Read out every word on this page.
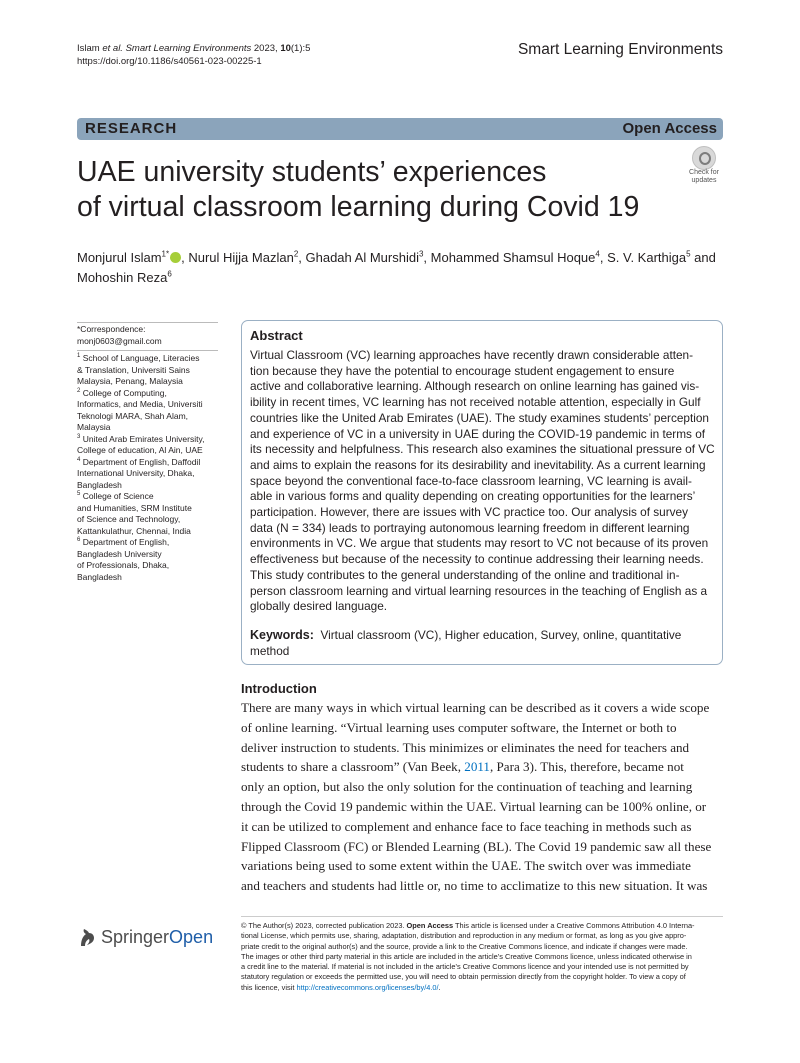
Islam et al. Smart Learning Environments 2023, 10(1):5
https://doi.org/10.1186/s40561-023-00225-1
Smart Learning Environments
RESEARCH	Open Access
UAE university students’ experiences
of virtual classroom learning during Covid 19
Check for
updates
Monjurul Islam$^{1*}$ , Nurul Hijja Mazlan$^2$, Ghadah Al Murshidi$^3$, Mohammed Shamsul Hoque$^4$, S. V. Karthiga$^5$ and
Mohoshin Reza$^6$
*Correspondence:
monj0603@gmail.com
$^1$ School of Language, Literacies
& Translation, Universiti Sains
Malaysia, Penang, Malaysia
$^2$ College of Computing,
Informatics, and Media, Universiti
Teknologi MARA, Shah Alam,
Malaysia
$^3$ United Arab Emirates University,
College of education, Al Ain, UAE
$^4$ Department of English, Daffodil
International University, Dhaka,
Bangladesh
$^5$ College of Science
and Humanities, SRM Institute
of Science and Technology,
Kattankulathur, Chennai, India
$^6$ Department of English,
Bangladesh University
of Professionals, Dhaka,
Bangladesh
Abstract
Virtual Classroom (VC) learning approaches have recently drawn considerable atten-
tion because they have the potential to encourage student engagement to ensure
active and collaborative learning. Although research on online learning has gained vis-
ibility in recent times, VC learning has not received notable attention, especially in Gulf
countries like the United Arab Emirates (UAE). The study examines students’ perception
and experience of VC in a university in UAE during the COVID-19 pandemic in terms of
its necessity and helpfulness. This research also examines the situational pressure of VC
and aims to explain the reasons for its desirability and inevitability. As a current learning
space beyond the conventional face-to-face classroom learning, VC learning is avail-
able in various forms and quality depending on creating opportunities for the learners’
participation. However, there are issues with VC practice too. Our analysis of survey
data (N = 334) leads to portraying autonomous learning freedom in different learning
environments in VC. We argue that students may resort to VC not because of its proven
effectiveness but because of the necessity to continue addressing their learning needs.
This study contributes to the general understanding of the online and traditional in-
person classroom learning and virtual learning resources in the teaching of English as a
globally desired language.
Keywords: Virtual classroom (VC), Higher education, Survey, online, quantitative
method
Introduction
There are many ways in which virtual learning can be described as it covers a wide scope
of online learning. “Virtual learning uses computer software, the Internet or both to
deliver instruction to students. This minimizes or eliminates the need for teachers and
students to share a classroom” (Van Beek, 2011, Para 3). This, therefore, became not
only an option, but also the only solution for the continuation of teaching and learning
through the Covid 19 pandemic within the UAE. Virtual learning can be 100% online, or
it can be utilized to complement and enhance face to face teaching in methods such as
Flipped Classroom (FC) or Blended Learning (BL). The Covid 19 pandemic saw all these
variations being used to some extent within the UAE. The switch over was immediate
and teachers and students had little or, no time to acclimatize to this new situation. It was
SpringerOpen
© The Author(s) 2023, corrected publication 2023. Open Access This article is licensed under a Creative Commons Attribution 4.0 Interna-
tional License, which permits use, sharing, adaptation, distribution and reproduction in any medium or format, as long as you give appro-
priate credit to the original author(s) and the source, provide a link to the Creative Commons licence, and indicate if changes were made.
The images or other third party material in this article are included in the article’s Creative Commons licence, unless indicated otherwise in
a credit line to the material. If material is not included in the article’s Creative Commons licence and your intended use is not permitted by
statutory regulation or exceeds the permitted use, you will need to obtain permission directly from the copyright holder. To view a copy of
this licence, visit http://creativecommons.org/licenses/by/4.0/.
